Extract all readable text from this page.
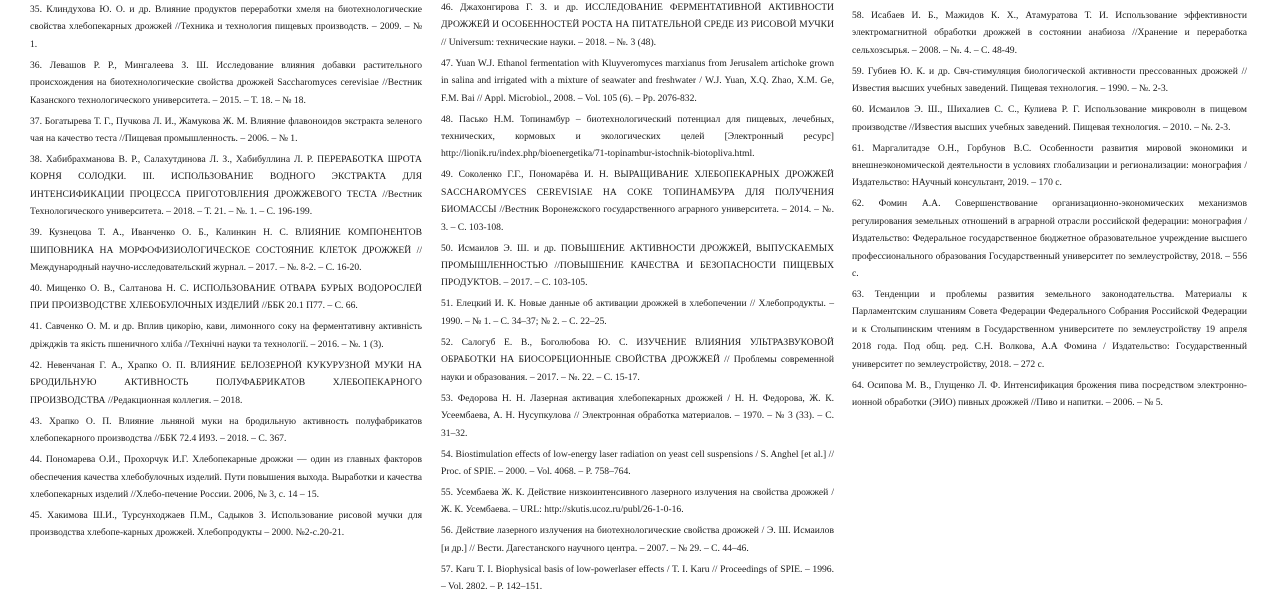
35. Клиндухова Ю. О. и др. Влияние продуктов переработки хмеля на биотехнологические свойства хлебопекарных дрожжей //Техника и технология пищевых производств. – 2009. – № 1.

36. Левашов Р. Р., Мингалеева З. Ш. Исследование влияния добавки растительного происхождения на биотехнологические свойства дрожжей Saccharomyces cerevisiae //Вестник Казанского технологического университета. – 2015. – Т. 18. – № 18.

37. Богатырева Т. Г., Пучкова Л. И., Жамукова Ж. М. Влияние флавоноидов экстракта зеленого чая на качество теста //Пищевая промышленность. – 2006. – № 1.

38. Хабибрахманова В. Р., Салахутдинова Л. З., Хабибуллина Л. Р. ПЕРЕРАБОТКА ШРОТА КОРНЯ СОЛОДКИ. III. ИСПОЛЬЗОВАНИЕ ВОДНОГО ЭКСТРАКТА ДЛЯ ИНТЕНСИФИКАЦИИ ПРОЦЕССА ПРИГОТОВЛЕНИЯ ДРОЖЖЕВОГО ТЕСТА //Вестник Технологического университета. – 2018. – Т. 21. – №. 1. – С. 196-199.

39. Кузнецова Т. А., Иванченко О. Б., Калинкин Н. С. ВЛИЯНИЕ КОМПОНЕНТОВ ШИПОВНИКА НА МОРФОФИЗИОЛОГИЧЕСКОЕ СОСТОЯНИЕ КЛЕТОК ДРОЖЖЕЙ //Международный научно-исследовательский журнал. – 2017. – №. 8-2. – С. 16-20.

40. Мищенко О. В., Салтанова Н. С. ИСПОЛЬЗОВАНИЕ ОТВАРА БУРЫХ ВОДОРОСЛЕЙ ПРИ ПРОИЗВОДСТВЕ ХЛЕБОБУЛОЧНЫХ ИЗДЕЛИЙ //ББК 20.1 П77. – С. 66.

41. Савченко О. М. и др. Вплив цикорію, кави, лимонного соку на ферментативну активність дріжджів та якість пшеничного хліба //Технічні науки та технології. – 2016. – №. 1 (3).

42. Невенчаная Г. А., Храпко О. П. ВЛИЯНИЕ БЕЛОЗЕРНОЙ КУКУРУЗНОЙ МУКИ НА БРОДИЛЬНУЮ АКТИВНОСТЬ ПОЛУФАБРИКАТОВ ХЛЕБОПЕКАРНОГО ПРОИЗВОДСТВА //Редакционная коллегия. – 2018.

43. Храпко О. П. Влияние льняной муки на бродильную активность полуфабрикатов хлебопекарного производства //ББК 72.4 И93. – 2018. – С. 367.

44. Пономарева О.И., Прохорчук И.Г. Хлебопекарные дрожжи — один из главных факторов обеспечения качества хлебобулочных изделий. Пути повышения выхода. Выработки и качества хлебопекарных изделий //Хлебо-печение России. 2006, № 3, с. 14 – 15.

45. Хакимова Ш.И., Турсунходжаев П.М., Садыков З. Использование рисовой мучки для производства хлебопе-карных дрожжей. Хлебопродукты – 2000. №2-с.20-21.

46. Джахонгирова Г. З. и др. ИССЛЕДОВАНИЕ ФЕРМЕНТАТИВНОЙ АКТИВНОСТИ ДРОЖЖЕЙ И ОСОБЕННОСТЕЙ РОСТА НА ПИТАТЕЛЬНОЙ СРЕДЕ ИЗ РИСОВОЙ МУЧКИ // Universum: технические науки. – 2018. – №. 3 (48).

47. Yuan W.J. Ethanol fermentation with Kluyveromyces marxianus from Jerusalem artichoke grown in salina and irrigated with a mixture of seawater and freshwater / W.J. Yuan, X.Q. Zhao, X.M. Ge, F.M. Bai // Appl. Microbiol., 2008. – Vol. 105 (6). – Pp. 2076-832.

48. Пасько Н.М. Топинамбур – биотехнологический потенциал для пищевых, лечебных, технических, кормовых и экологических целей [Электронный ресурс] http://lionik.ru/index.php/bioenergetika/71-topinambur-istochnik-biotopliva.html.

49. Соколенко Г.Г., Пономарёва И. Н. ВЫРАЩИВАНИЕ ХЛЕБОПЕКАРНЫХ ДРОЖЖЕЙ SACCHAROMYCES CEREVISIAE НА СОКЕ ТОПИНАМБУРА ДЛЯ ПОЛУЧЕНИЯ БИОМАССЫ //Вестник Воронежского государственного аграрного университета. – 2014. – №. 3. – С. 103-108.

50. Исмаилов Э. Ш. и др. ПОВЫШЕНИЕ АКТИВНОСТИ ДРОЖЖЕЙ, ВЫПУСКАЕМЫХ ПРОМЫШЛЕННОСТЬЮ //ПОВЫШЕНИЕ КАЧЕСТВА И БЕЗОПАСНОСТИ ПИЩЕВЫХ ПРОДУКТОВ. – 2017. – С. 103-105.

51. Елецкий И. К. Новые данные об активации дрожжей в хлебопечении // Хлебопродукты. – 1990. – № 1. – С. 34–37; № 2. – С. 22–25.

52. Салогуб Е. В., Боголюбова Ю. С. ИЗУЧЕНИЕ ВЛИЯНИЯ УЛЬТРАЗВУКОВОЙ ОБРАБОТКИ НА БИОСОРБЦИОННЫЕ СВОЙСТВА ДРОЖЖЕЙ // Проблемы современной науки и образования. – 2017. – №. 22. – С. 15-17.

53. Федорова Н. Н. Лазерная активация хлебопекарных дрожжей / Н. Н. Федорова, Ж. К. Усеембаева, А. Н. Нусупкулова // Электронная обработка материалов. – 1970. – № 3 (33). – С. 31–32.

54. Biostimulation effects of low-energy laser radiation on yeast cell suspensions / S. Anghel [et al.] // Proc. of SPIE. – 2000. – Vol. 4068. – P. 758–764.

55. Усембаева Ж. К. Действие низкоинтенсивного лазерного излучения на свойства дрожжей / Ж. К. Усембаева. – URL: http://skutis.ucoz.ru/publ/26-1-0-16.

56. Действие лазерного излучения на биотехнологические свойства дрожжей / Э. Ш. Исмаилов [и др.] // Вести. Дагестанского научного центра. – 2007. – № 29. – С. 44–46.

57. Karu T. I. Biophysical basis of low-powerlaser effects / T. I. Karu // Proceedings of SPIE. – 1996. – Vol. 2802. – P. 142–151.

58. Исабаев И. Б., Мажидов К. Х., Атамуратова Т. И. Использование эффективности электромагнитной обработки дрожжей в состоянии анабиоза //Хранение и переработка сельхозсырья. – 2008. – №. 4. – С. 48-49.

59. Губиев Ю. К. и др. Свч-стимуляция биологической активности прессованных дрожжей //Известия высших учебных заведений. Пищевая технология. – 1990. – №. 2-3.

60. Исмаилов Э. Ш., Шихалиев С. С., Кулиева Р. Г. Использование микроволн в пищевом производстве //Известия высших учебных заведений. Пищевая технология. – 2010. – №. 2-3.

61. Маргалитадзе О.Н., Горбунов В.С. Особенности развития мировой экономики и внешнеэкономической деятельности в условиях глобализации и регионализации: монография / Издательство: НАучный консультант, 2019. – 170 с.

62. Фомин А.А. Совершенствование организационно-экономических механизмов регулирования земельных отношений в аграрной отрасли российской федерации: монография / Издательство: Федеральное государственное бюджетное образовательное учреждение высшего профессионального образования Государственный университет по землеустройству, 2018. – 556 с.

63. Тенденции и проблемы развития земельного законодательства. Материалы к Парламентским слушаниям Совета Федерации Федерального Собрания Российской Федерации и к Столыпинским чтениям в Государственном университете по землеустройству 19 апреля 2018 года. Под общ. ред. С.Н. Волкова, А.А Фомина / Издательство: Государственный университет по землеустройству, 2018. – 272 с.

64. Осипова М. В., Глущенко Л. Ф. Интенсификация брожения пива посредством электронно-ионной обработки (ЭИО) пивных дрожжей //Пиво и напитки. – 2006. – № 5.
